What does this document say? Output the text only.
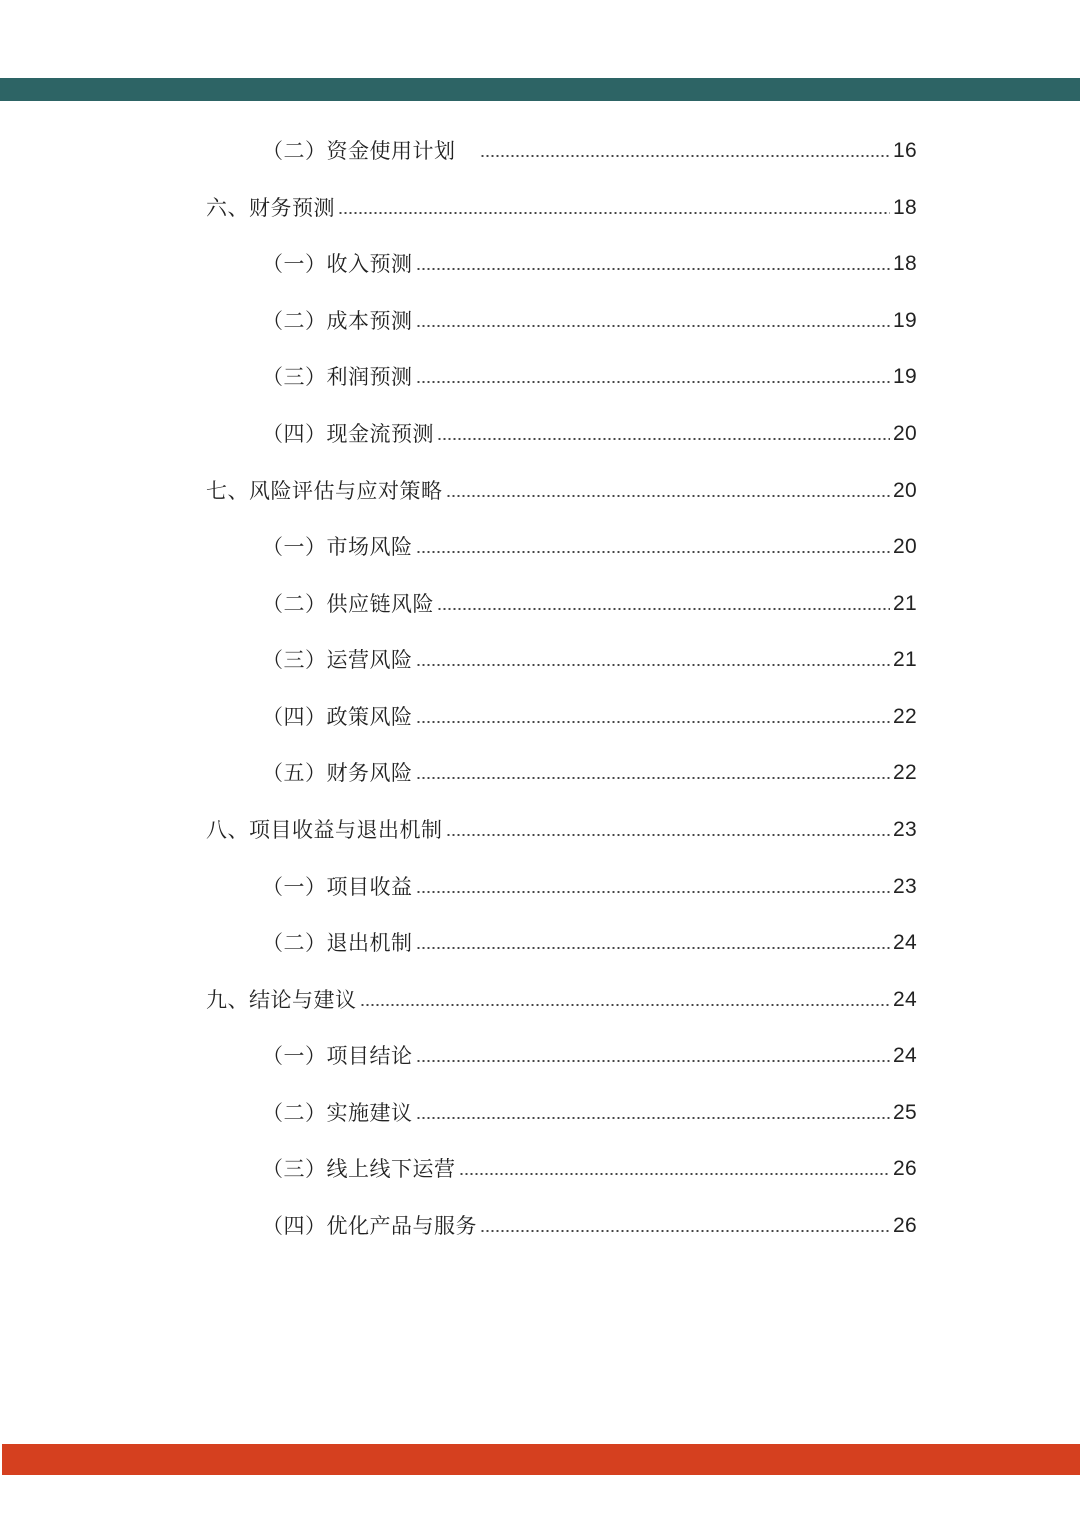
（二）资金使用计划	16
六、财务预测	18
（一）收入预测	18
（二）成本预测	19
（三）利润预测	19
（四）现金流预测	20
七、风险评估与应对策略	20
（一）市场风险	20
（二）供应链风险	21
（三）运营风险	21
（四）政策风险	22
（五）财务风险	22
八、项目收益与退出机制	23
（一）项目收益	23
（二）退出机制	24
九、结论与建议	24
（一）项目结论	24
（二）实施建议	25
（三）线上线下运营	26
（四）优化产品与服务	26
